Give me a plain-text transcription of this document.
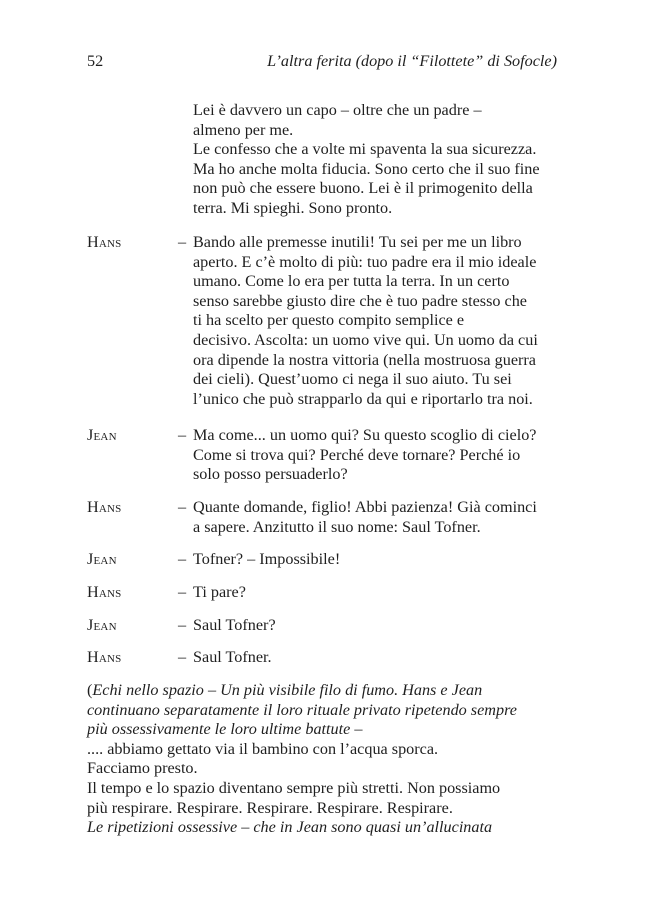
52	L’altra ferita (dopo il “Filottete” di Sofocle)
Lei è davvero un capo – oltre che un padre –
almeno per me.
Le confesso che a volte mi spaventa la sua sicurezza.
Ma ho anche molta fiducia. Sono certo che il suo fine
non può che essere buono. Lei è il primogenito della
terra. Mi spieghi. Sono pronto.
Hans	– Bando alle premesse inutili! Tu sei per me un libro
aperto. E c’è molto di più: tuo padre era il mio ideale
umano. Come lo era per tutta la terra. In un certo
senso sarebbe giusto dire che è tuo padre stesso che
ti ha scelto per questo compito semplice e
decisivo. Ascolta: un uomo vive qui. Un uomo da cui
ora dipende la nostra vittoria (nella mostruosa guerra
dei cieli). Quest’uomo ci nega il suo aiuto. Tu sei
l’unico che può strapparlo da qui e riportarlo tra noi.
Jean	– Ma come... un uomo qui? Su questo scoglio di cielo?
Come si trova qui? Perché deve tornare? Perché io
solo posso persuaderlo?
Hans	– Quante domande, figlio! Abbi pazienza! Già cominci
a sapere. Anzitutto il suo nome: Saul Tofner.
Jean	– Tofner? – Impossibile!
Hans	– Ti pare?
Jean	– Saul Tofner?
Hans	– Saul Tofner.
(Echi nello spazio – Un più visibile filo di fumo. Hans e Jean
continuano separatamente il loro rituale privato ripetendo sempre
più ossessivamente le loro ultime battute –
.... abbiamo gettato via il bambino con l’acqua sporca.
Facciamo presto.
Il tempo e lo spazio diventano sempre più stretti. Non possiamo
più respirare. Respirare. Respirare. Respirare. Respirare.
Le ripetizioni ossessive – che in Jean sono quasi un’allucinata
